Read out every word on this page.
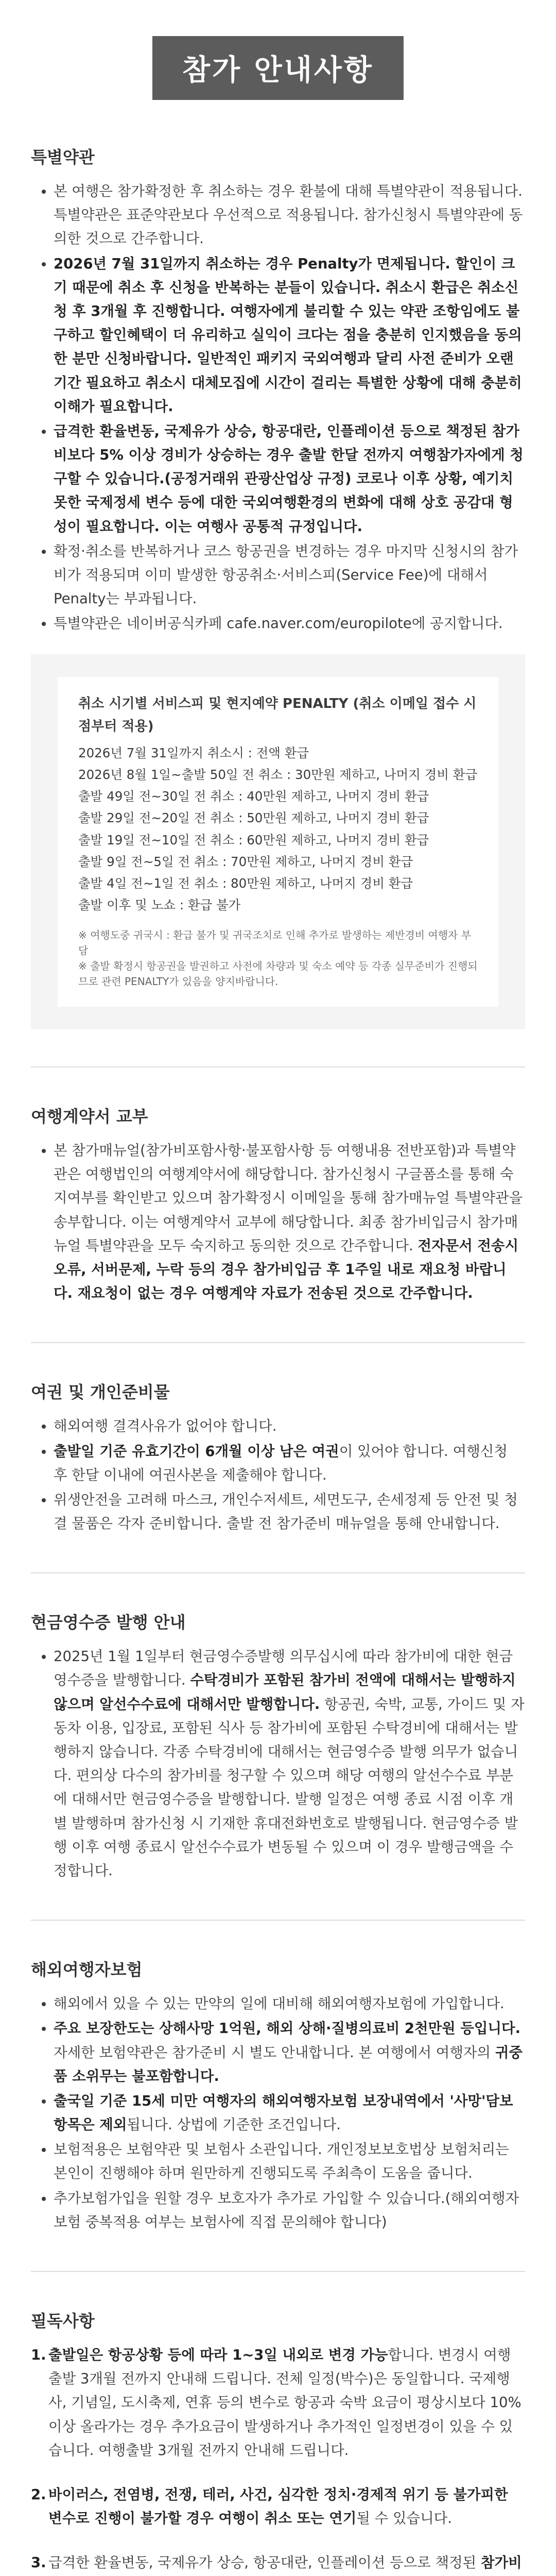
참가 안내사항
특별약관
• 본 여행은 참가확정한 후 취소하는 경우 환불에 대해 특별약관이 적용됩니다. 특별약관은 표준약관보다 우선적으로 적용됩니다. 참가신청시 특별약관에 동의한 것으로 간주합니다.
• 2026년 7월 31일까지 취소하는 경우 Penalty가 면제됩니다. 할인이 크기 때문에 취소 후 신청을 반복하는 분들이 있습니다. 취소시 환급은 취소신청 후 3개월 후 진행합니다. 여행자에게 불리할 수 있는 약관 조항임에도 불구하고 할인혜택이 더 유리하고 실익이 크다는 점을 충분히 인지했음을 동의한 분만 신청바랍니다. 일반적인 패키지 국외여행과 달리 사전 준비가 오랜 기간 필요하고 취소시 대체모집에 시간이 걸리는 특별한 상황에 대해 충분히 이해가 필요합니다.
• 급격한 환율변동, 국제유가 상승, 항공대란, 인플레이션 등으로 책정된 참가비보다 5% 이상 경비가 상승하는 경우 출발 한달 전까지 여행참가자에게 청구할 수 있습니다.(공정거래위 관광산업상 규정) 코로나 이후 상황, 예기치 못한 국제정세 변수 등에 대한 국외여행환경의 변화에 대해 상호 공감대 형성이 필요합니다. 이는 여행사 공통적 규정입니다.
• 확정·취소를 반복하거나 코스 항공권을 변경하는 경우 마지막 신청시의 참가비가 적용되며 이미 발생한 항공취소·서비스피(Service Fee)에 대해서 Penalty는 부과됩니다.
• 특별약관은 네이버공식카페 cafe.naver.com/europilote에 공지합니다.
취소 시기별 서비스피 및 현지예약 PENALTY (취소 이메일 접수 시점부터 적용)
2026년 7월 31일까지 취소시 : 전액 환급
2026년 8월 1일~출발 50일 전 취소 : 30만원 제하고, 나머지 경비 환급
출발 49일 전~30일 전 취소 : 40만원 제하고, 나머지 경비 환급
출발 29일 전~20일 전 취소 : 50만원 제하고, 나머지 경비 환급
출발 19일 전~10일 전 취소 : 60만원 제하고, 나머지 경비 환급
출발 9일 전~5일 전 취소 : 70만원 제하고, 나머지 경비 환급
출발 4일 전~1일 전 취소 : 80만원 제하고, 나머지 경비 환급
출발 이후 및 노쇼 : 환급 불가
※ 여행도중 귀국시 : 환급 불가 및 귀국조치로 인해 추가로 발생하는 제반경비 여행자 부담
※ 출발 확정시 항공권을 발권하고 사전에 차량과 및 숙소 예약 등 각종 실무준비가 진행되므로 관련 PENALTY가 있음을 양지바랍니다.
여행계약서 교부
• 본 참가매뉴얼(참가비포함사항·불포함사항 등 여행내용 전반포함)과 특별약관은 여행법인의 여행계약서에 해당합니다. 참가신청시 구글폼소를 통해 숙지여부를 확인받고 있으며 참가확정시 이메일을 통해 참가매뉴얼 특별약관을 송부합니다. 이는 여행계약서 교부에 해당합니다. 최종 참가비입금시 참가매뉴얼 특별약관을 모두 숙지하고 동의한 것으로 간주합니다. 전자문서 전송시 오류, 서버문제, 누락 등의 경우 참가비입금 후 1주일 내로 재요청 바랍니다. 재요청이 없는 경우 여행계약 자료가 전송된 것으로 간주합니다.
여권 및 개인준비물
• 해외여행 결격사유가 없어야 합니다.
• 출발일 기준 유효기간이 6개월 이상 남은 여권이 있어야 합니다. 여행신청 후 한달 이내에 여권사본을 제출해야 합니다.
• 위생안전을 고려해 마스크, 개인수저세트, 세면도구, 손세정제 등 안전 및 청결 물품은 각자 준비합니다. 출발 전 참가준비 매뉴얼을 통해 안내합니다.
현금영수증 발행 안내
• 2025년 1월 1일부터 현금영수증발행 의무십시에 따라 참가비에 대한 현금영수증을 발행합니다. 수탁경비가 포함된 참가비 전액에 대해서는 발행하지 않으며 알선수수료에 대해서만 발행합니다. 항공권, 숙박, 교통, 가이드 및 자동차 이용, 입장료, 포함된 식사 등 참가비에 포함된 수탁경비에 대해서는 발행하지 않습니다. 각종 수탁경비에 대해서는 현금영수증 발행 의무가 없습니다. 편의상 다수의 참가비를 청구할 수 있으며 해당 여행의 알선수수료 부분에 대해서만 현금영수증을 발행합니다. 발행 일정은 여행 종료 시점 이후 개별 발행하며 참가신청 시 기재한 휴대전화번호로 발행됩니다. 현금영수증 발행 이후 여행 종료시 알선수수료가 변동될 수 있으며 이 경우 발행금액을 수정합니다.
해외여행자보험
• 해외에서 있을 수 있는 만약의 일에 대비해 해외여행자보험에 가입합니다.
• 주요 보장한도는 상해사망 1억원, 해외 상해·질병의료비 2천만원 등입니다. 자세한 보험약관은 참가준비 시 별도 안내합니다. 본 여행에서 여행자의 귀중품 소위무는 불포함합니다.
• 출국일 기준 15세 미만 여행자의 해외여행자보험 보장내역에서 '사망'담보항목은 제외됩니다. 상법에 기준한 조건입니다.
• 보험적용은 보험약관 및 보험사 소관입니다. 개인정보보호법상 보험처리는 본인이 진행해야 하며 원만하게 진행되도록 주최측이 도움을 줍니다.
• 추가보험가입을 원할 경우 보호자가 추가로 가입할 수 있습니다.(해외여행자보험 중복적용 여부는 보험사에 직접 문의해야 합니다)
필독사항
1. 출발일은 항공상황 등에 따라 1~3일 내외로 변경 가능합니다. 변경시 여행 출발 3개월 전까지 안내해 드립니다. 전체 일정(박수)은 동일합니다. 국제행사, 기념일, 도시축제, 연휴 등의 변수로 항공과 숙박 요금이 평상시보다 10% 이상 올라가는 경우 추가요금이 발생하거나 추가적인 일정변경이 있을 수 있습니다. 여행출발 3개월 전까지 안내해 드립니다.
2. 바이러스, 전염병, 전쟁, 테러, 사건, 심각한 정치·경제적 위기 등 불가피한 변수로 진행이 불가할 경우 여행이 취소 또는 연기될 수 있습니다.
3. 급격한 환율변동, 국제유가 상승, 항공대란, 인플레이션 등으로 책정된 참가비
